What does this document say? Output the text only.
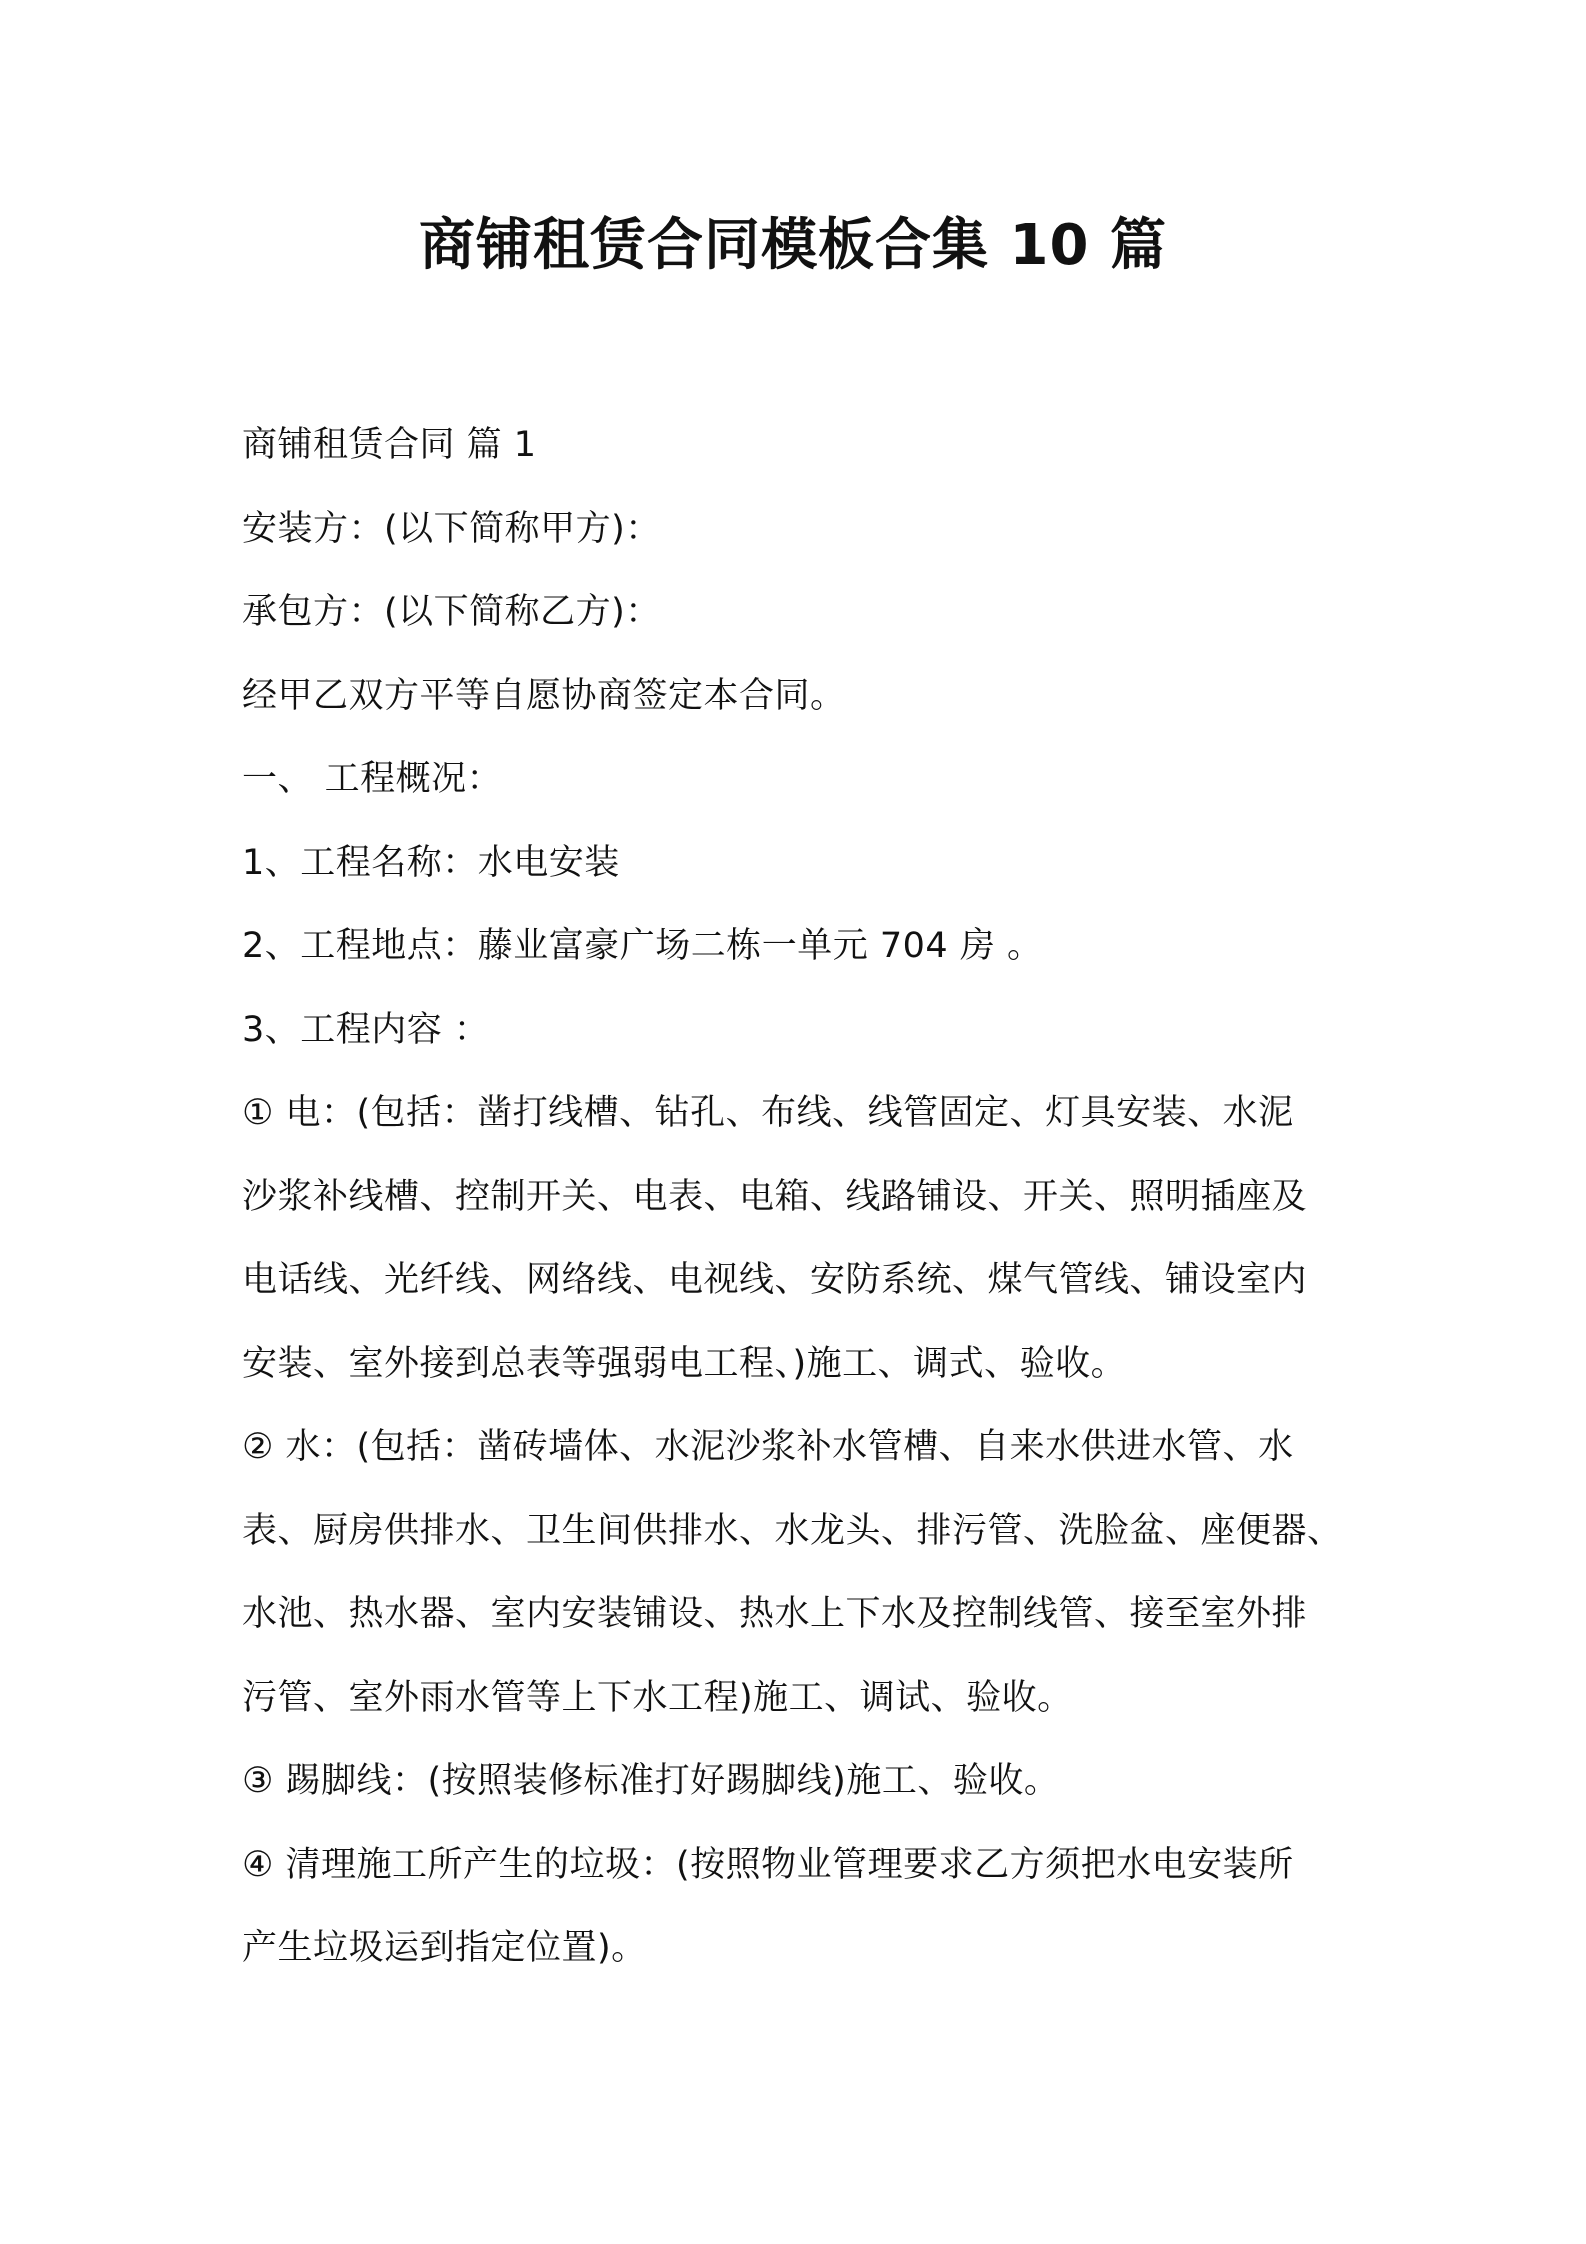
商铺租赁合同模板合集 10 篇
商铺租赁合同 篇 1
安装方：(以下简称甲方)：
承包方：(以下简称乙方)：
经甲乙双方平等自愿协商签定本合同。
一、 工程概况：
1、工程名称：水电安装
2、工程地点：藤业富豪广场二栋一单元 704 房 。
3、工程内容 ：
① 电：(包括：凿打线槽、钻孔、布线、线管固定、灯具安装、水泥
沙浆补线槽、控制开关、电表、电箱、线路铺设、开关、照明插座及
电话线、光纤线、网络线、电视线、安防系统、煤气管线、铺设室内
安装、室外接到总表等强弱电工程、)施工、调式、验收。
② 水：(包括：凿砖墙体、水泥沙浆补水管槽、自来水供进水管、水
表、厨房供排水、卫生间供排水、水龙头、排污管、洗脸盆、座便器、
水池、热水器、室内安装铺设、热水上下水及控制线管、接至室外排
污管、室外雨水管等上下水工程)施工、调试、验收。
③ 踢脚线：(按照装修标准打好踢脚线)施工、验收。
④ 清理施工所产生的垃圾：(按照物业管理要求乙方须把水电安装所
产生垃圾运到指定位置)。
